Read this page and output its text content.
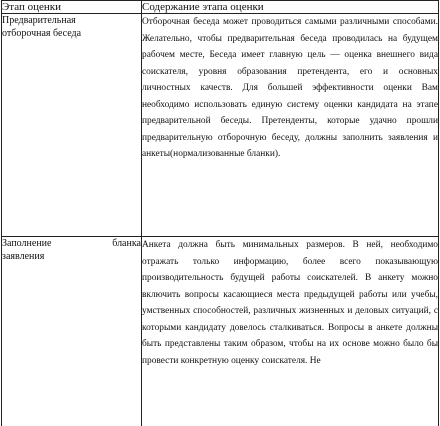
Этап оценки	Содержание этапа оценки
Предварительная
отборочная беседа	Отборочная беседа может проводиться самыми различными способами. Желательно, чтобы предварительная беседа проводилась на будущем рабочем месте, Беседа имеет главную цель — оценка внешнего вида соискателя, уровня образования претендента, его и основных личностных качеств. Для большей эффективности оценки Вам необходимо использовать единую систему оценки кандидата на этапе предварительной беседы. Претенденты, которые удачно прошли предварительную отборочную беседу, должны заполнить заявления и анкеты(нормализованные бланки).

Заполнение бланка
заявления	Анкета должна быть минимальных размеров. В ней, необходимо отражать только информацию, более всего показывающую производительность будущей работы соискателей. В анкету можно включить вопросы касающиеся места предыдущей работы или учебы, умственных способностей, различных жизненных и деловых ситуаций, с которыми кандидату довелось сталкиваться. Вопросы в анкете должны быть представлены таким образом, чтобы на их основе можно было бы провести конкретную оценку соискателя. Не
